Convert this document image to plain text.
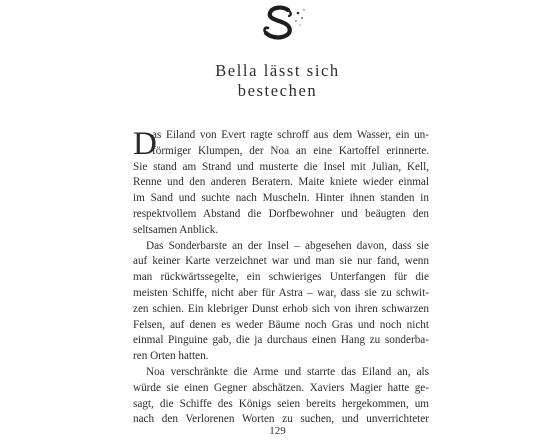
Bella lässt sich
bestechen
D
as Eiland von Evert ragte schroff aus dem Wasser, ein un-
förmiger Klumpen, der Noa an eine Kartoffel erinnerte.
Sie stand am Strand und musterte die Insel mit Julian, Kell,
Renne und den anderen Beratern. Maite kniete wieder einmal
im Sand und suchte nach Muscheln. Hinter ihnen standen in
respektvollem Abstand die Dorfbewohner und beäugten den
seltsamen Anblick.
Das Sonderbarste an der Insel – abgesehen davon, dass sie
auf keiner Karte verzeichnet war und man sie nur fand, wenn
man rückwärtssegelte, ein schwieriges Unterfangen für die
meisten Schiffe, nicht aber für Astra – war, dass sie zu schwit-
zen schien. Ein klebriger Dunst erhob sich von ihren schwarzen
Felsen, auf denen es weder Bäume noch Gras und noch nicht
einmal Pinguine gab, die ja durchaus einen Hang zu sonderba-
ren Orten hatten.
Noa verschränkte die Arme und starrte das Eiland an, als
würde sie einen Gegner abschätzen. Xaviers Magier hatte ge-
sagt, die Schiffe des Königs seien bereits hergekommen, um
nach den Verlorenen Worten zu suchen, und unverrichteter
129
